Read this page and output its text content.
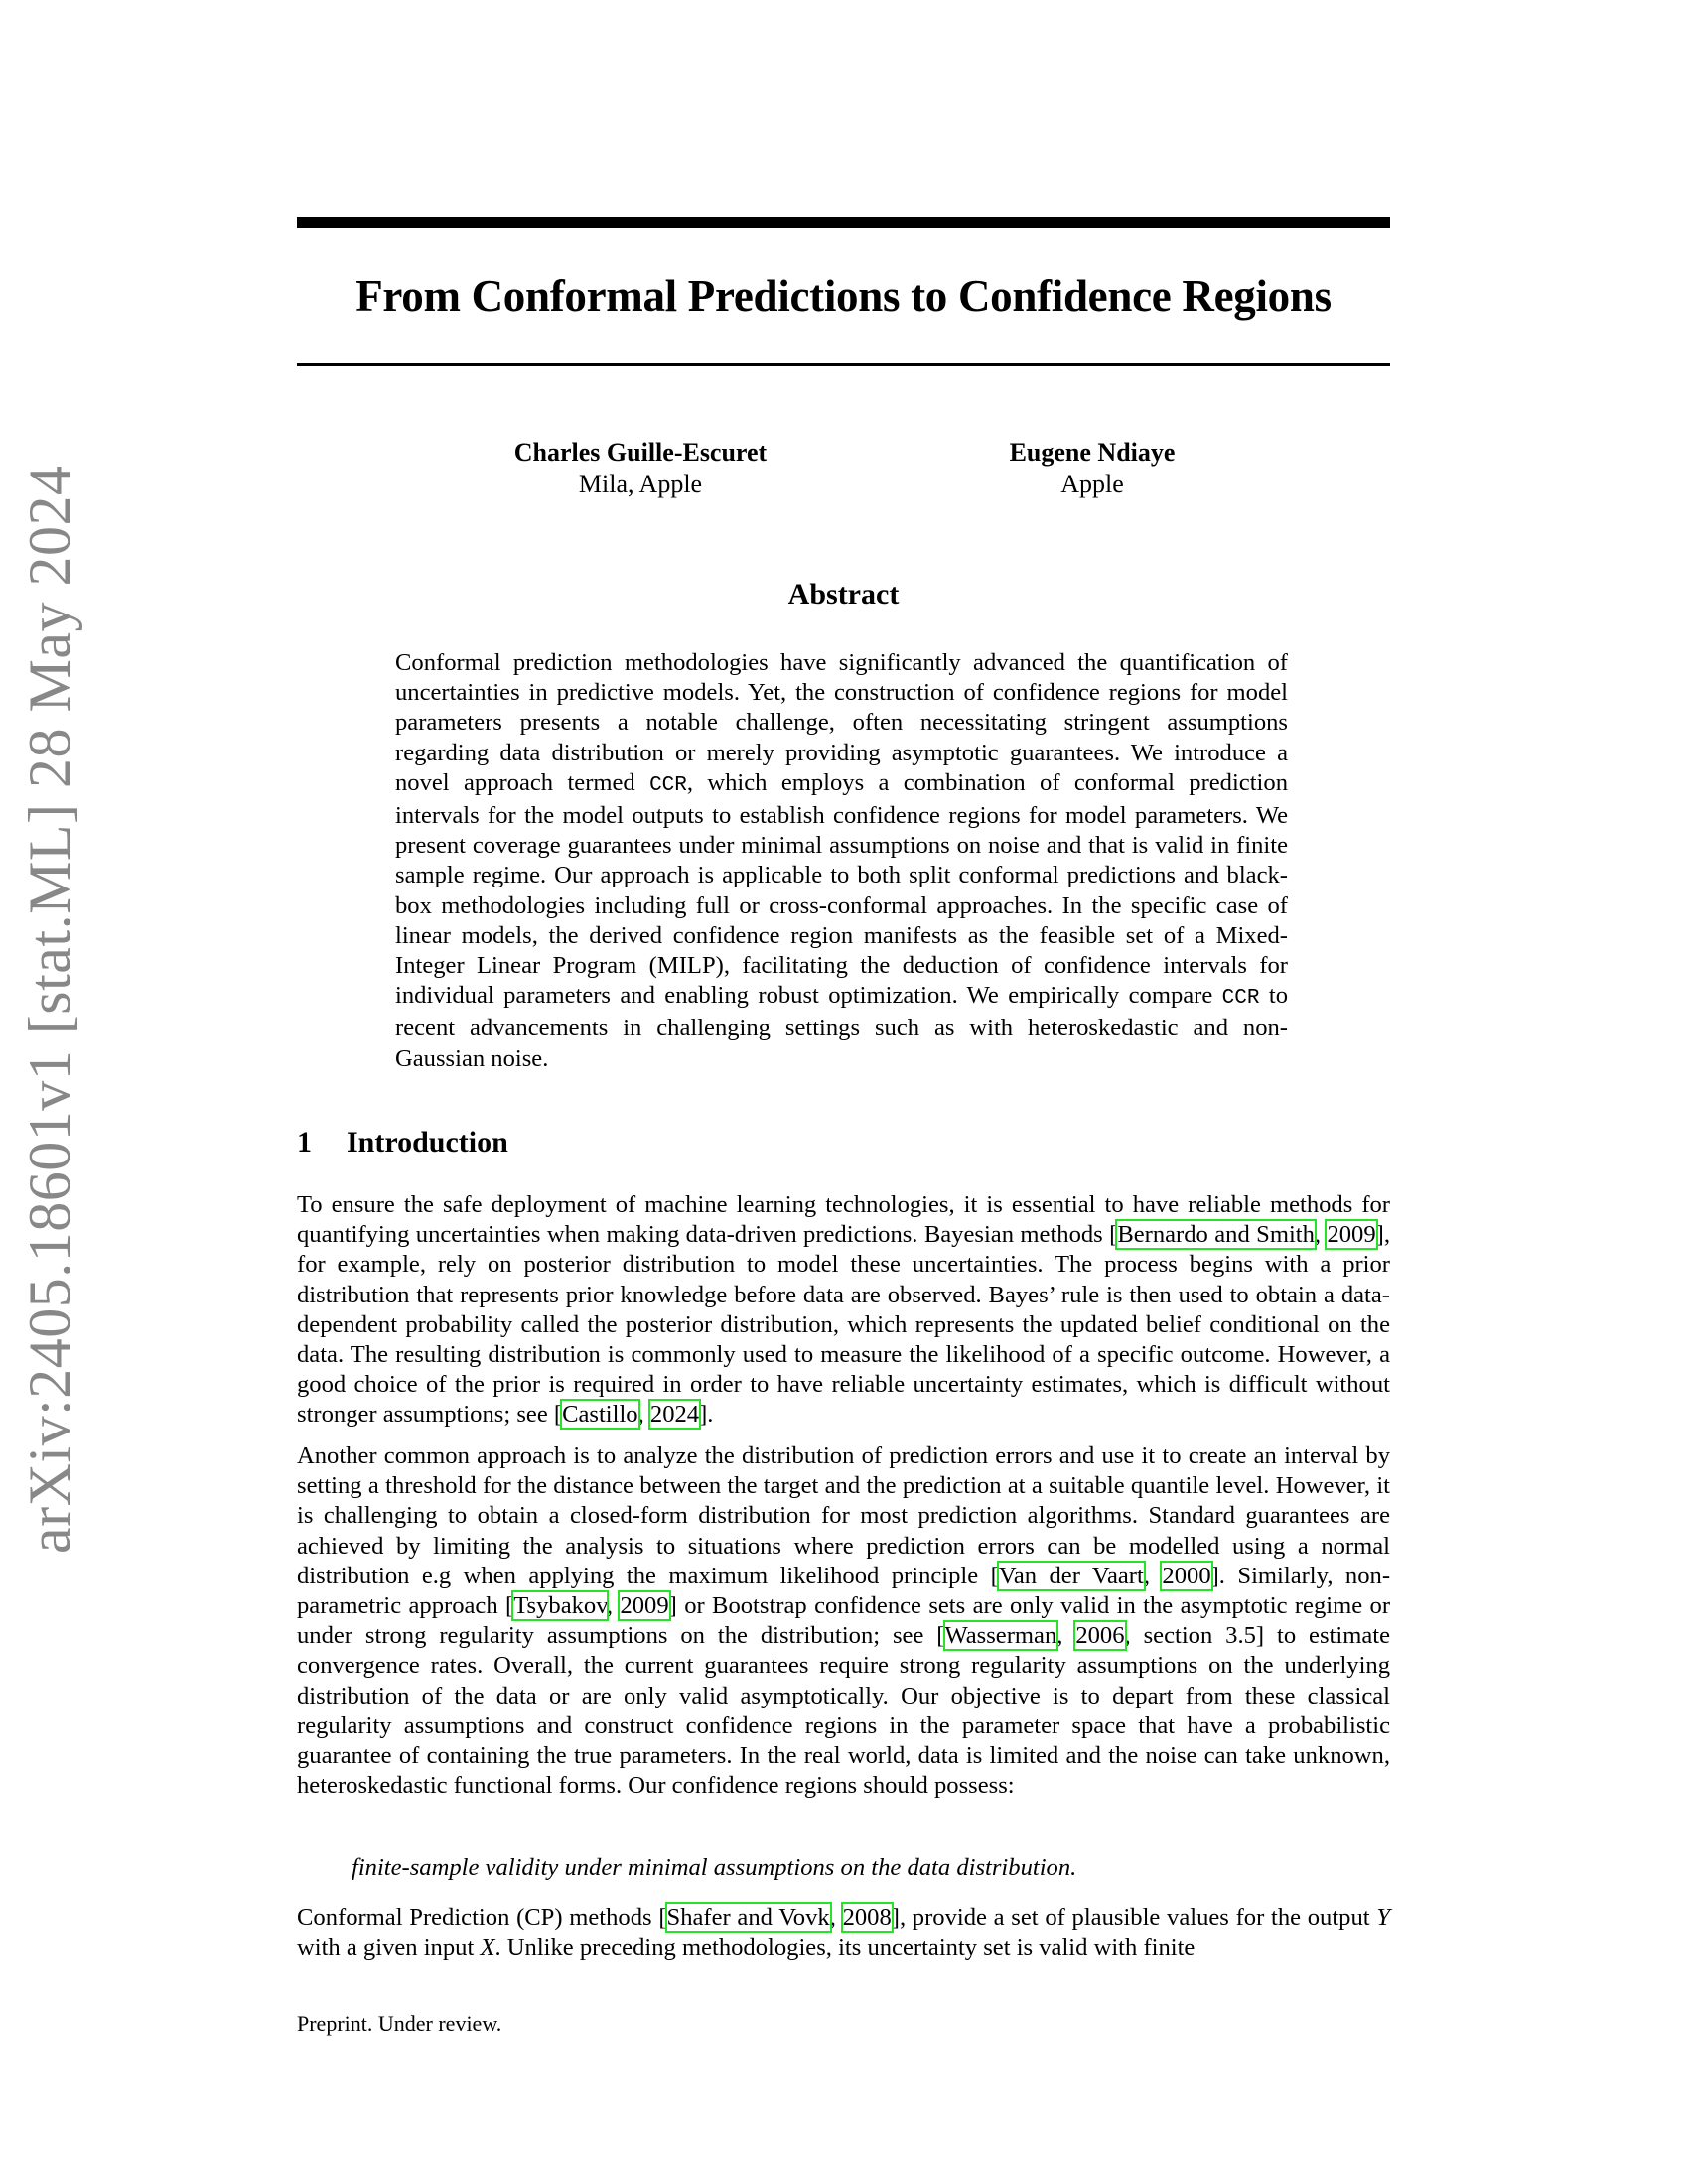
arXiv:2405.18601v1 [stat.ML] 28 May 2024
From Conformal Predictions to Confidence Regions
Charles Guille-Escuret
Mila, Apple
Eugene Ndiaye
Apple
Abstract
Conformal prediction methodologies have significantly advanced the quantification of uncertainties in predictive models. Yet, the construction of confidence regions for model parameters presents a notable challenge, often necessitating stringent assumptions regarding data distribution or merely providing asymptotic guarantees. We introduce a novel approach termed CCR, which employs a combination of conformal prediction intervals for the model outputs to establish confidence regions for model parameters. We present coverage guarantees under minimal assumptions on noise and that is valid in finite sample regime. Our approach is applicable to both split conformal predictions and black-box methodologies including full or cross-conformal approaches. In the specific case of linear models, the derived confidence region manifests as the feasible set of a Mixed-Integer Linear Program (MILP), facilitating the deduction of confidence intervals for individual parameters and enabling robust optimization. We empirically compare CCR to recent advancements in challenging settings such as with heteroskedastic and non-Gaussian noise.
1 Introduction
To ensure the safe deployment of machine learning technologies, it is essential to have reliable methods for quantifying uncertainties when making data-driven predictions. Bayesian methods [Bernardo and Smith, 2009], for example, rely on posterior distribution to model these uncertainties. The process begins with a prior distribution that represents prior knowledge before data are observed. Bayes’ rule is then used to obtain a data-dependent probability called the posterior distribution, which represents the updated belief conditional on the data. The resulting distribution is commonly used to measure the likelihood of a specific outcome. However, a good choice of the prior is required in order to have reliable uncertainty estimates, which is difficult without stronger assumptions; see [Castillo, 2024].
Another common approach is to analyze the distribution of prediction errors and use it to create an interval by setting a threshold for the distance between the target and the prediction at a suitable quantile level. However, it is challenging to obtain a closed-form distribution for most prediction algorithms. Standard guarantees are achieved by limiting the analysis to situations where prediction errors can be modelled using a normal distribution e.g when applying the maximum likelihood principle [Van der Vaart, 2000]. Similarly, non-parametric approach [Tsybakov, 2009] or Bootstrap confidence sets are only valid in the asymptotic regime or under strong regularity assumptions on the distribution; see [Wasserman, 2006, section 3.5] to estimate convergence rates. Overall, the current guarantees require strong regularity assumptions on the underlying distribution of the data or are only valid asymptotically. Our objective is to depart from these classical regularity assumptions and construct confidence regions in the parameter space that have a probabilistic guarantee of containing the true parameters. In the real world, data is limited and the noise can take unknown, heteroskedastic functional forms. Our confidence regions should possess:
finite-sample validity under minimal assumptions on the data distribution.
Conformal Prediction (CP) methods [Shafer and Vovk, 2008], provide a set of plausible values for the output Y with a given input X. Unlike preceding methodologies, its uncertainty set is valid with finite
Preprint. Under review.
